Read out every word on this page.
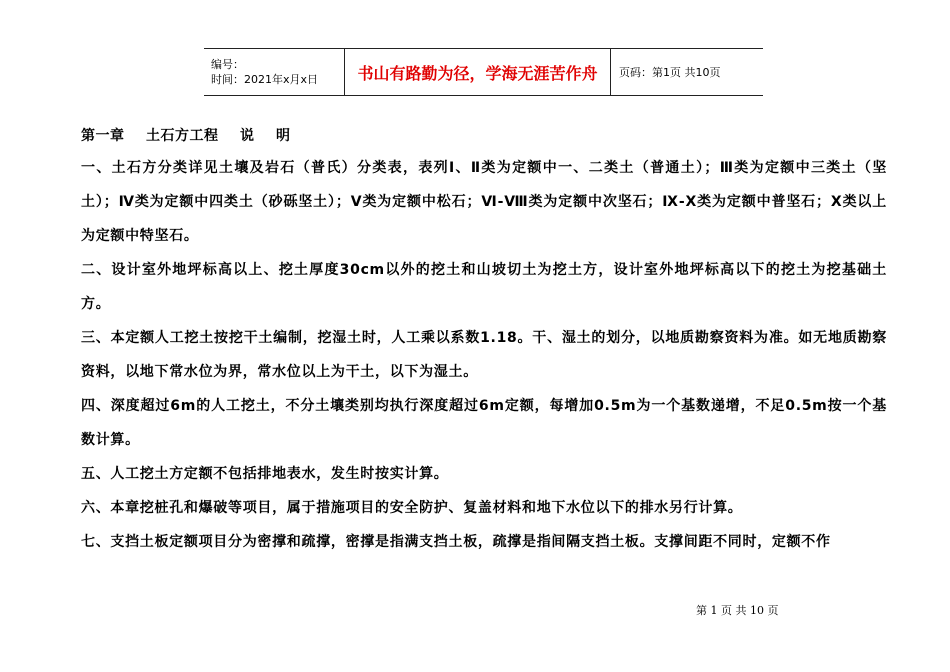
编号：
时间：2021年x月x日	书山有路勤为径，学海无涯苦作舟	页码：第1页 共10页
第一章    土石方工程    说    明

一、土石方分类详见土壤及岩石（普氏）分类表，表列Ⅰ、Ⅱ类为定额中一、二类土（普通土）；Ⅲ类为定额中三类土（坚土）；Ⅳ类为定额中四类土（砂砾坚土）；Ⅴ类为定额中松石；Ⅵ-Ⅷ类为定额中次坚石；Ⅸ-Ⅹ类为定额中普坚石；Ⅹ类以上为定额中特坚石。

二、设计室外地坪标高以上、挖土厚度30cm以外的挖土和山坡切土为挖土方，设计室外地坪标高以下的挖土为挖基础土方。

三、本定额人工挖土按挖干土编制，挖湿土时，人工乘以系数1.18。干、湿土的划分，以地质勘察资料为准。如无地质勘察资料，以地下常水位为界，常水位以上为干土，以下为湿土。

四、深度超过6m的人工挖土，不分土壤类别均执行深度超过6m定额，每增加0.5m为一个基数递增，不足0.5m按一个基数计算。

五、人工挖土方定额不包括排地表水，发生时按实计算。

六、本章挖桩孔和爆破等项目，属于措施项目的安全防护、复盖材料和地下水位以下的排水另行计算。

七、支挡土板定额项目分为密撑和疏撑，密撑是指满支挡土板，疏撑是指间隔支挡土板。支撑间距不同时，定额不作

第 1 页 共 10 页
